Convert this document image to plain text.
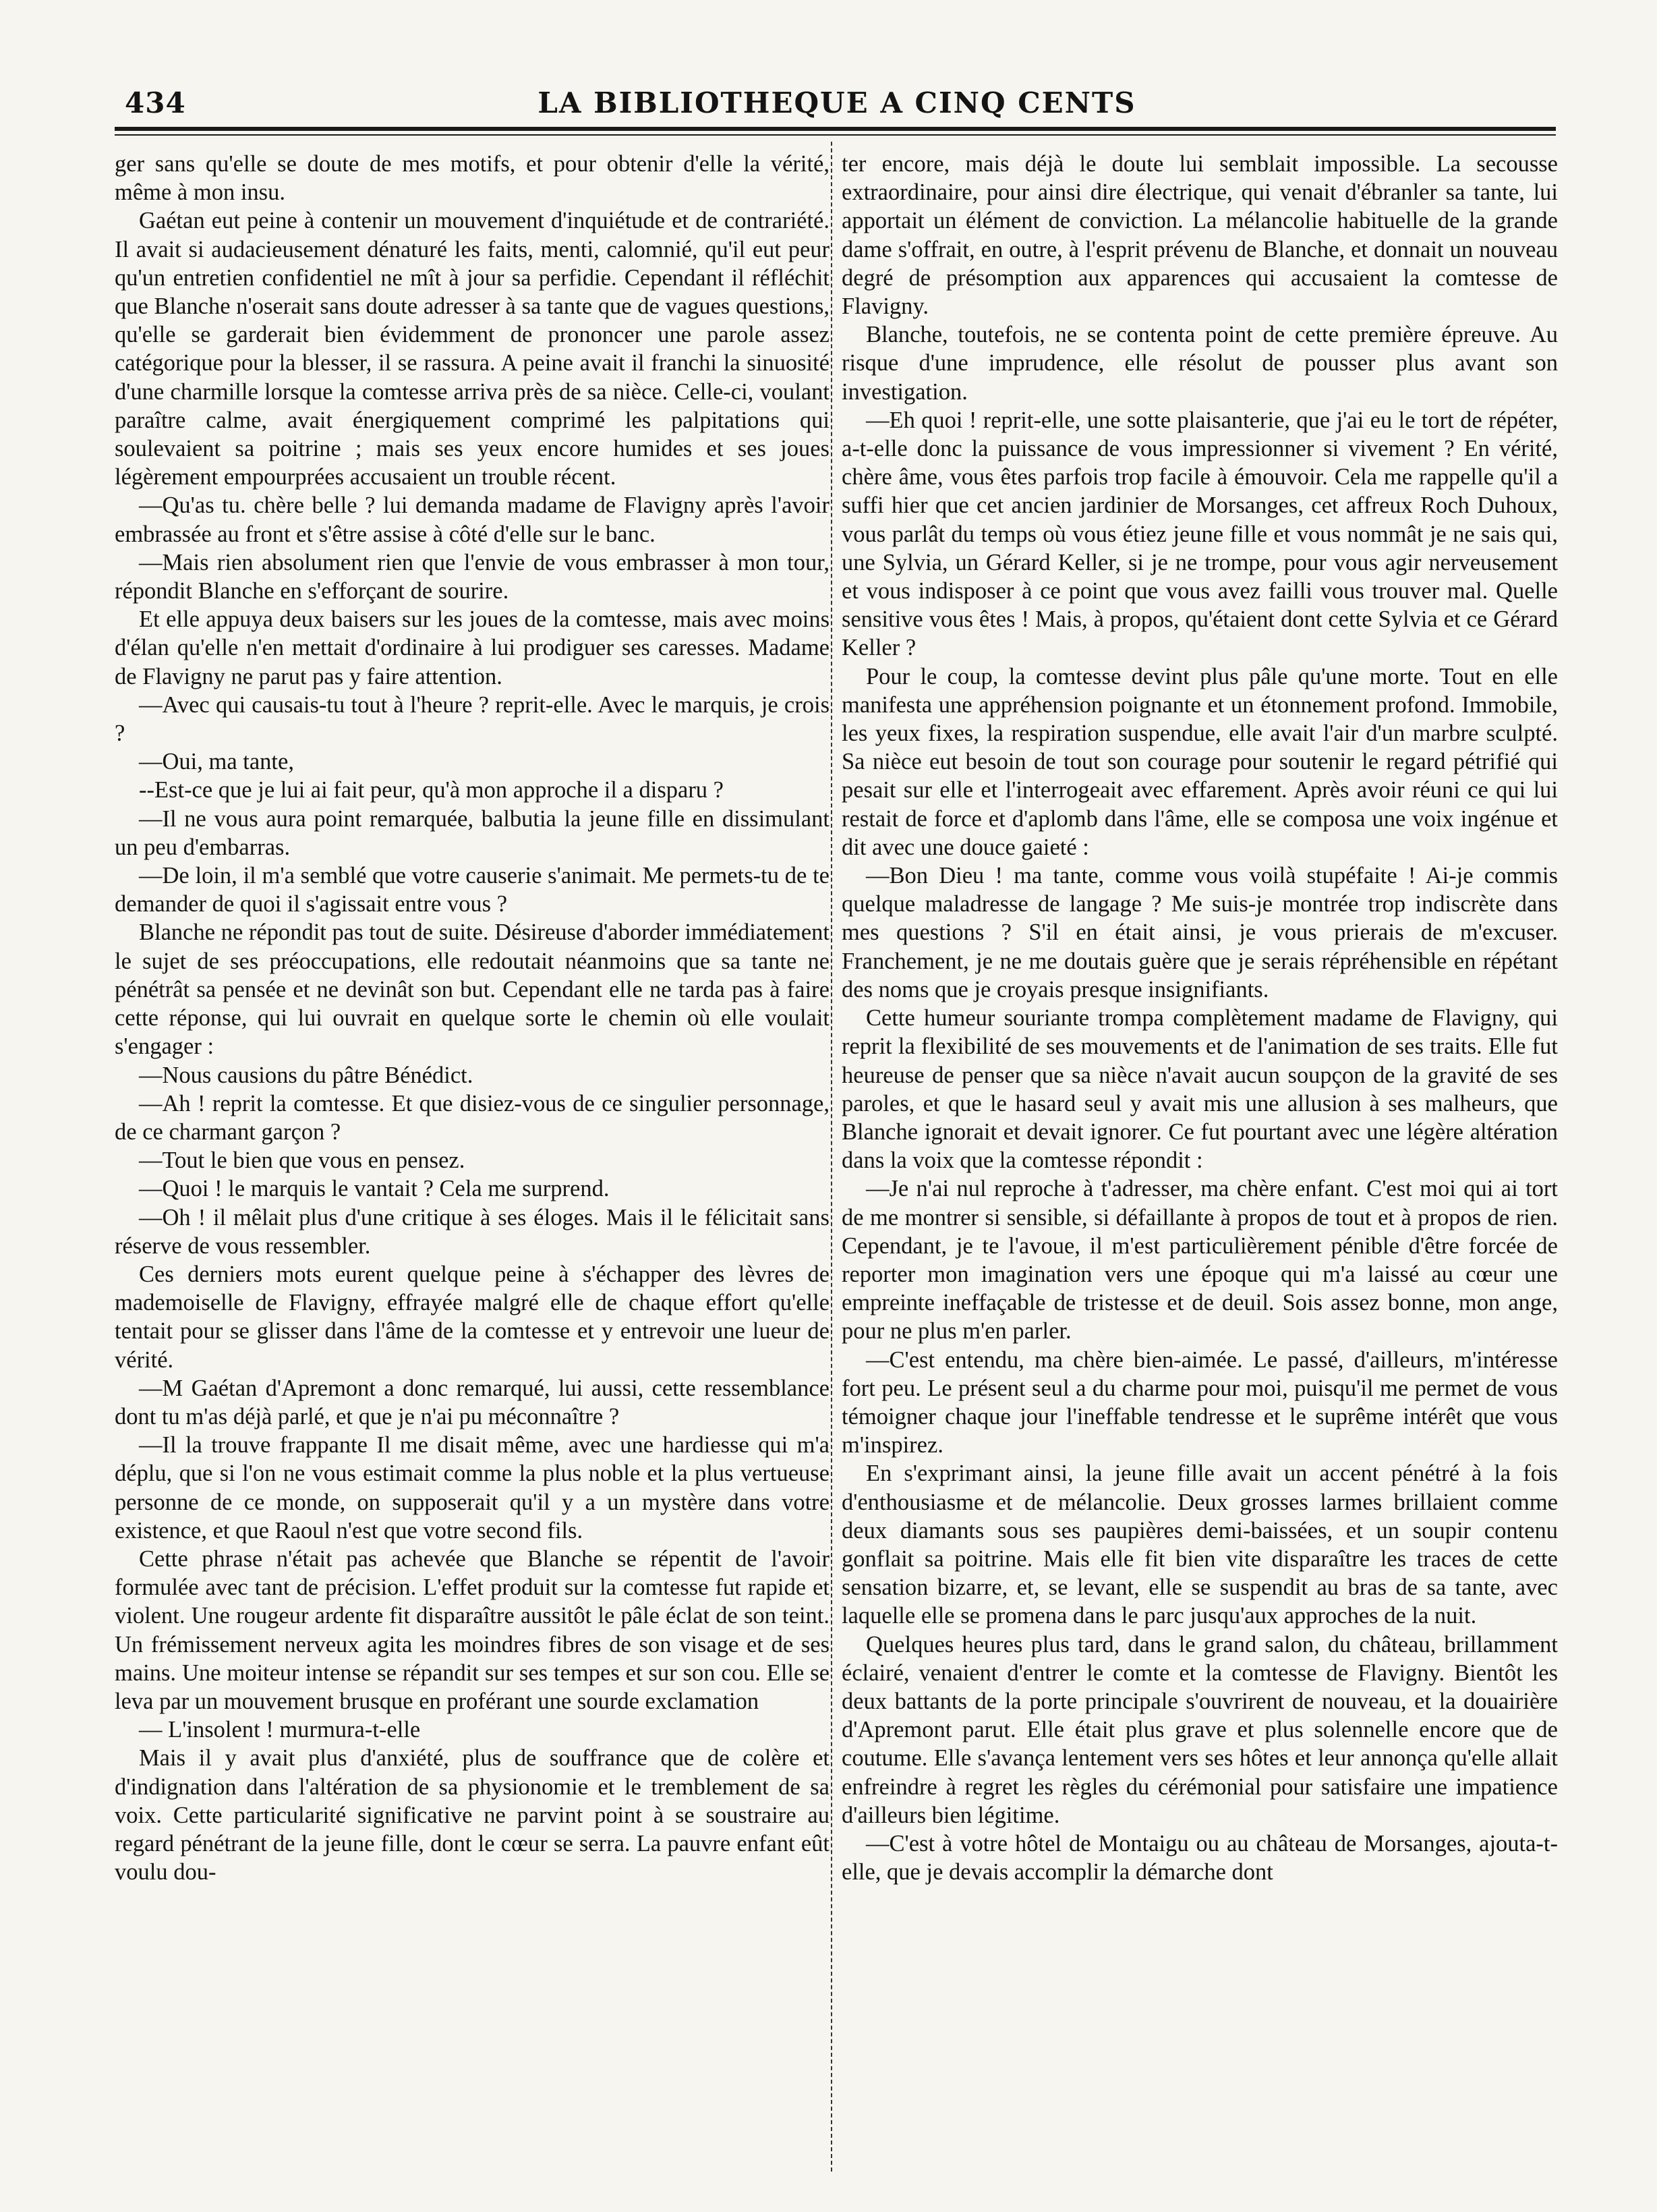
434	LA BIBLIOTHEQUE A CINQ CENTS

ger sans qu'elle se doute de mes motifs, et pour obtenir d'elle la vérité, même à mon insu.

Gaétan eut peine à contenir un mouvement d'inquiétude et de contrariété. Il avait si audacieusement dénaturé les faits, menti, calomnié, qu'il eut peur qu'un entretien confidentiel ne mît à jour sa perfidie. Cependant il réfléchit que Blanche n'oserait sans doute adresser à sa tante que de vagues questions, qu'elle se garderait bien évidemment de prononcer une parole assez catégorique pour la blesser, il se rassura. A peine avait il franchi la sinuosité d'une charmille lorsque la comtesse arriva près de sa nièce. Celle-ci, voulant paraître calme, avait énergiquement comprimé les palpitations qui soulevaient sa poitrine ; mais ses yeux encore humides et ses joues légèrement empourprées accusaient un trouble récent.

—Qu'as tu. chère belle ? lui demanda madame de Flavigny après l'avoir embrassée au front et s'être assise à côté d'elle sur le banc.

—Mais rien absolument rien que l'envie de vous embrasser à mon tour, répondit Blanche en s'efforçant de sourire.

Et elle appuya deux baisers sur les joues de la comtesse, mais avec moins d'élan qu'elle n'en mettait d'ordinaire à lui prodiguer ses caresses. Madame de Flavigny ne parut pas y faire attention.

—Avec qui causais-tu tout à l'heure ? reprit-elle. Avec le marquis, je crois ?

—Oui, ma tante,

--Est-ce que je lui ai fait peur, qu'à mon approche il a disparu ?

—Il ne vous aura point remarquée, balbutia la jeune fille en dissimulant un peu d'embarras.

—De loin, il m'a semblé que votre causerie s'animait. Me permets-tu de te demander de quoi il s'agissait entre vous ?

Blanche ne répondit pas tout de suite. Désireuse d'aborder immédiatement le sujet de ses préoccupations, elle redoutait néanmoins que sa tante ne pénétrât sa pensée et ne devinât son but. Cependant elle ne tarda pas à faire cette réponse, qui lui ouvrait en quelque sorte le chemin où elle voulait s'engager :

—Nous causions du pâtre Bénédict.

—Ah ! reprit la comtesse. Et que disiez-vous de ce singulier personnage, de ce charmant garçon ?

—Tout le bien que vous en pensez.

—Quoi ! le marquis le vantait ? Cela me surprend.

—Oh ! il mêlait plus d'une critique à ses éloges. Mais il le félicitait sans réserve de vous ressembler.

Ces derniers mots eurent quelque peine à s'échapper des lèvres de mademoiselle de Flavigny, effrayée malgré elle de chaque effort qu'elle tentait pour se glisser dans l'âme de la comtesse et y entrevoir une lueur de vérité.

—M Gaétan d'Apremont a donc remarqué, lui aussi, cette ressemblance dont tu m'as déjà parlé, et que je n'ai pu méconnaître ?

—Il la trouve frappante Il me disait même, avec une hardiesse qui m'a déplu, que si l'on ne vous estimait comme la plus noble et la plus vertueuse personne de ce monde, on supposerait qu'il y a un mystère dans votre existence, et que Raoul n'est que votre second fils.

Cette phrase n'était pas achevée que Blanche se répentit de l'avoir formulée avec tant de précision. L'effet produit sur la comtesse fut rapide et violent. Une rougeur ardente fit disparaître aussitôt le pâle éclat de son teint. Un frémissement nerveux agita les moindres fibres de son visage et de ses mains. Une moiteur intense se répandit sur ses tempes et sur son cou. Elle se leva par un mouvement brusque en proférant une sourde exclamation

— L'insolent ! murmura-t-elle

Mais il y avait plus d'anxiété, plus de souffrance que de colère et d'indignation dans l'altération de sa physionomie et le tremblement de sa voix. Cette particularité significative ne parvint point à se soustraire au regard pénétrant de la jeune fille, dont le cœur se serra. La pauvre enfant eût voulu dou-

ter encore, mais déjà le doute lui semblait impossible. La secousse extraordinaire, pour ainsi dire électrique, qui venait d'ébranler sa tante, lui apportait un élément de conviction. La mélancolie habituelle de la grande dame s'offrait, en outre, à l'esprit prévenu de Blanche, et donnait un nouveau degré de présomption aux apparences qui accusaient la comtesse de Flavigny.

Blanche, toutefois, ne se contenta point de cette première épreuve. Au risque d'une imprudence, elle résolut de pousser plus avant son investigation.

—Eh quoi ! reprit-elle, une sotte plaisanterie, que j'ai eu le tort de répéter, a-t-elle donc la puissance de vous impressionner si vivement ? En vérité, chère âme, vous êtes parfois trop facile à émouvoir. Cela me rappelle qu'il a suffi hier que cet ancien jardinier de Morsanges, cet affreux Roch Duhoux, vous parlât du temps où vous étiez jeune fille et vous nommât je ne sais qui, une Sylvia, un Gérard Keller, si je ne trompe, pour vous agir nerveusement et vous indisposer à ce point que vous avez failli vous trouver mal. Quelle sensitive vous êtes ! Mais, à propos, qu'étaient dont cette Sylvia et ce Gérard Keller ?

Pour le coup, la comtesse devint plus pâle qu'une morte. Tout en elle manifesta une appréhension poignante et un étonnement profond. Immobile, les yeux fixes, la respiration suspendue, elle avait l'air d'un marbre sculpté. Sa nièce eut besoin de tout son courage pour soutenir le regard pétrifié qui pesait sur elle et l'interrogeait avec effarement. Après avoir réuni ce qui lui restait de force et d'aplomb dans l'âme, elle se composa une voix ingénue et dit avec une douce gaieté :

—Bon Dieu ! ma tante, comme vous voilà stupéfaite ! Ai-je commis quelque maladresse de langage ? Me suis-je montrée trop indiscrète dans mes questions ? S'il en était ainsi, je vous prierais de m'excuser. Franchement, je ne me doutais guère que je serais répréhensible en répétant des noms que je croyais presque insignifiants.

Cette humeur souriante trompa complètement madame de Flavigny, qui reprit la flexibilité de ses mouvements et de l'animation de ses traits. Elle fut heureuse de penser que sa nièce n'avait aucun soupçon de la gravité de ses paroles, et que le hasard seul y avait mis une allusion à ses malheurs, que Blanche ignorait et devait ignorer. Ce fut pourtant avec une légère altération dans la voix que la comtesse répondit :

—Je n'ai nul reproche à t'adresser, ma chère enfant. C'est moi qui ai tort de me montrer si sensible, si défaillante à propos de tout et à propos de rien. Cependant, je te l'avoue, il m'est particulièrement pénible d'être forcée de reporter mon imagination vers une époque qui m'a laissé au cœur une empreinte ineffaçable de tristesse et de deuil. Sois assez bonne, mon ange, pour ne plus m'en parler.

—C'est entendu, ma chère bien-aimée. Le passé, d'ailleurs, m'intéresse fort peu. Le présent seul a du charme pour moi, puisqu'il me permet de vous témoigner chaque jour l'ineffable tendresse et le suprême intérêt que vous m'inspirez.

En s'exprimant ainsi, la jeune fille avait un accent pénétré à la fois d'enthousiasme et de mélancolie. Deux grosses larmes brillaient comme deux diamants sous ses paupières demi-baissées, et un soupir contenu gonflait sa poitrine. Mais elle fit bien vite disparaître les traces de cette sensation bizarre, et, se levant, elle se suspendit au bras de sa tante, avec laquelle elle se promena dans le parc jusqu'aux approches de la nuit.

Quelques heures plus tard, dans le grand salon, du château, brillamment éclairé, venaient d'entrer le comte et la comtesse de Flavigny. Bientôt les deux battants de la porte principale s'ouvrirent de nouveau, et la douairière d'Apremont parut. Elle était plus grave et plus solennelle encore que de coutume. Elle s'avança lentement vers ses hôtes et leur annonça qu'elle allait enfreindre à regret les règles du cérémonial pour satisfaire une impatience d'ailleurs bien légitime.

—C'est à votre hôtel de Montaigu ou au château de Morsanges, ajouta-t-elle, que je devais accomplir la démarche dont
